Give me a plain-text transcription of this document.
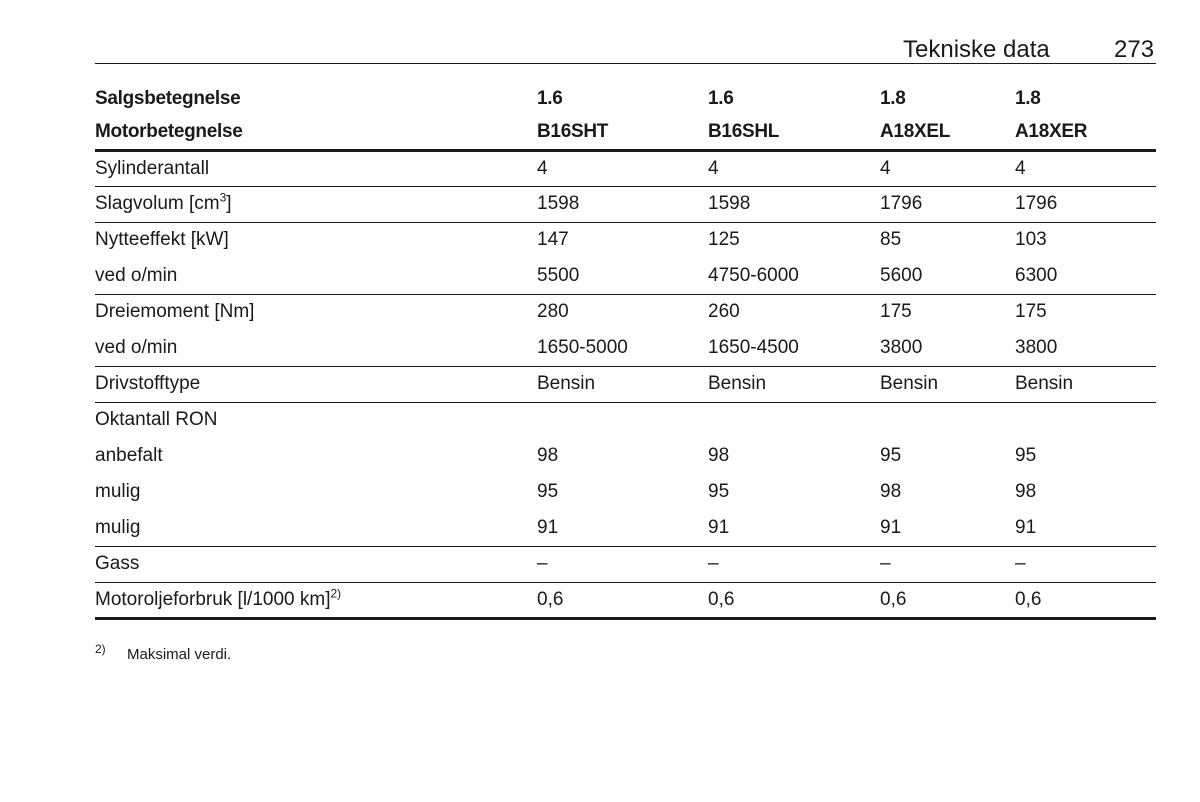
Tekniske data	273
Salgsbetegnelse	1.6	1.6	1.8	1.8
Motorbetegnelse	B16SHT	B16SHL	A18XEL	A18XER
Sylinderantall	4	4	4	4
Slagvolum $[cm^3]$	1598	1598	1796	1796
Nytteeffekt [kW]	147	125	85	103
ved o/min	5500	4750-6000	5600	6300
Dreiemoment [Nm]	280	260	175	175
ved o/min	1650-5000	1650-4500	3800	3800
Drivstofftype	Bensin	Bensin	Bensin	Bensin
Oktantall RON				
anbefalt	98	98	95	95
mulig	95	95	98	98
mulig	91	91	91	91
Gass	–	–	–	–
Motoroljeforbruk [l/1000 km]$^{2)}$	0,6	0,6	0,6	0,6
$^{2)}$ Maksimal verdi.
